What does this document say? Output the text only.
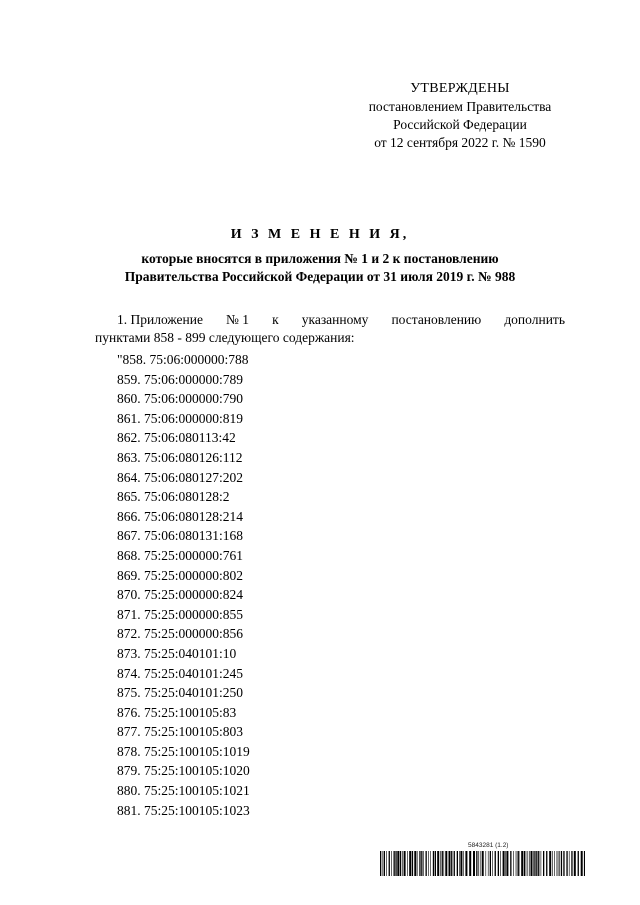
УТВЕРЖДЕНЫ
постановлением Правительства
Российской Федерации
от 12 сентября 2022 г. № 1590
И З М Е Н Е Н И Я,
которые вносятся в приложения № 1 и 2 к постановлению
Правительства Российской Федерации от 31 июля 2019 г. № 988
1. Приложение № 1 к указанному постановлению дополнить
пунктами 858 - 899 следующего содержания:
"858. 75:06:000000:788
859. 75:06:000000:789
860. 75:06:000000:790
861. 75:06:000000:819
862. 75:06:080113:42
863. 75:06:080126:112
864. 75:06:080127:202
865. 75:06:080128:2
866. 75:06:080128:214
867. 75:06:080131:168
868. 75:25:000000:761
869. 75:25:000000:802
870. 75:25:000000:824
871. 75:25:000000:855
872. 75:25:000000:856
873. 75:25:040101:10
874. 75:25:040101:245
875. 75:25:040101:250
876. 75:25:100105:83
877. 75:25:100105:803
878. 75:25:100105:1019
879. 75:25:100105:1020
880. 75:25:100105:1021
881. 75:25:100105:1023
5843281 (1.2)
